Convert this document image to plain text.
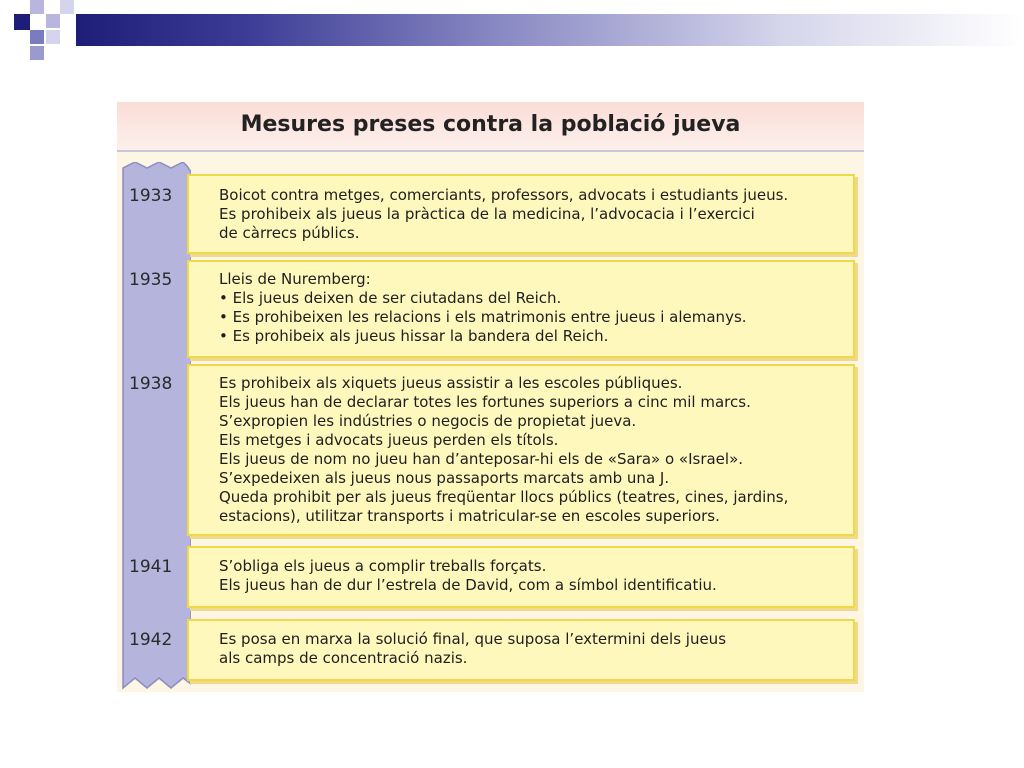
Mesures preses contra la població jueva
1933	Boicot contra metges, comerciants, professors, advocats i estudiants jueus.
Es prohibeix als jueus la pràctica de la medicina, l’advocacia i l’exercici
de càrrecs públics.
1935	Lleis de Nuremberg:
• Els jueus deixen de ser ciutadans del Reich.
• Es prohibeixen les relacions i els matrimonis entre jueus i alemanys.
• Es prohibeix als jueus hissar la bandera del Reich.
1938	Es prohibeix als xiquets jueus assistir a les escoles públiques.
Els jueus han de declarar totes les fortunes superiors a cinc mil marcs.
S’expropien les indústries o negocis de propietat jueva.
Els metges i advocats jueus perden els títols.
Els jueus de nom no jueu han d’anteposar-hi els de «Sara» o «Israel».
S’expedeixen als jueus nous passaports marcats amb una J.
Queda prohibit per als jueus freqüentar llocs públics (teatres, cines, jardins,
estacions), utilitzar transports i matricular-se en escoles superiors.
1941	S’obliga els jueus a complir treballs forçats.
Els jueus han de dur l’estrela de David, com a símbol identificatiu.
1942	Es posa en marxa la solució final, que suposa l’extermini dels jueus
als camps de concentració nazis.
